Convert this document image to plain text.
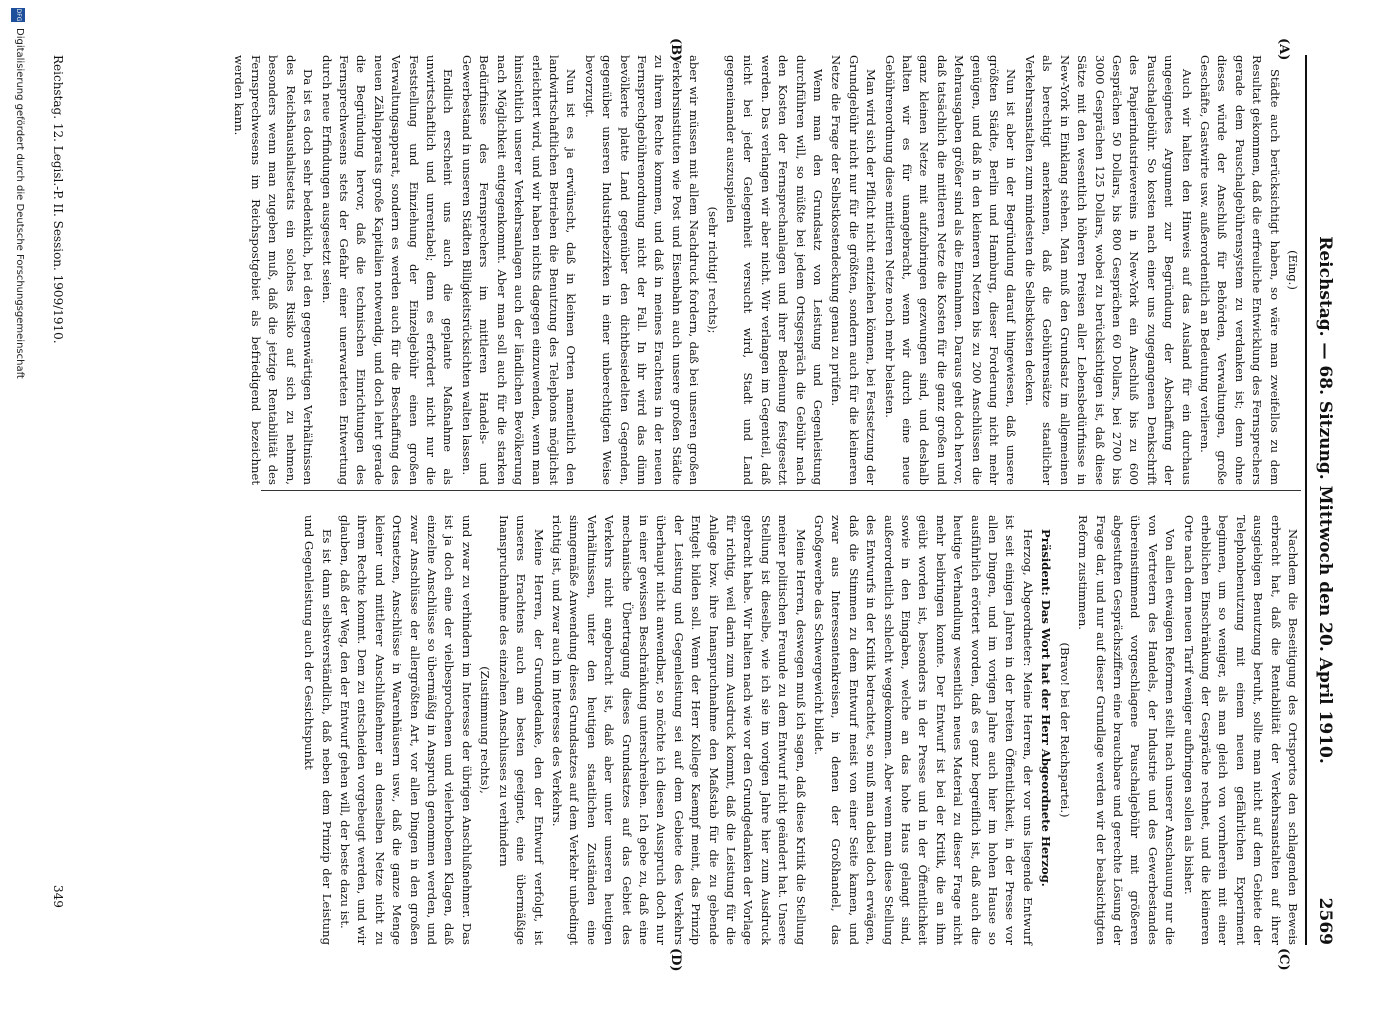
Reichstag. — 68. Sitzung. Mittwoch den 20. April 1910.
2569
(A)
(B)
(C)
(D)

(Eing.)

Städte auch berücksichtigt haben, so wäre man zweifellos zu dem Resultat gekommen, daß die erfreuliche Entwicklung des Fernsprechers gerade dem Pauschalgebührensystem zu verdanken ist; denn ohne dieses würde der Anschluß für Behörden, Verwaltungen, große Geschäfte, Gastwirte usw. außerordentlich an Bedeutung verlieren.

Auch wir halten den Hinweis auf das Ausland für ein durchaus ungeeignetes Argument zur Begründung der Abschaffung der Pauschalgebühr. So kosten nach einer uns zugegangenen Denkschrift des Papierindustrievereins in New-York ein Anschluß bis zu 600 Gesprächen 50 Dollars, bis 800 Gesprächen 60 Dollars, bei 2700 bis 3000 Gesprächen 125 Dollars, wobei zu berücksichtigen ist, daß diese Sätze mit den wesentlich höheren Preisen aller Lebensbedürfnisse in New-York in Einklang stehen. Man muß den Grundsatz im allgemeinen als berechtigt anerkennen, daß die Gebührensätze staatlicher Verkehrsanstalten zum mindesten die Selbstkosten decken.

Nun ist aber in der Begründung darauf hingewiesen, daß unsere größten Städte, Berlin und Hamburg, dieser Forderung nicht mehr genügen, und daß in den kleineren Netzen bis zu 200 Anschlüssen die Mehrausgaben größer sind als die Einnahmen. Daraus geht doch hervor, daß tatsächlich die mittleren Netze die Kosten für die ganz großen und ganz kleinen Netze mit aufzubringen gezwungen sind, und deshalb halten wir es für unangebracht, wenn wir durch eine neue Gebührenordnung diese mittleren Netze noch mehr belasten.

Man wird sich der Pflicht nicht entziehen können, bei Festsetzung der Grundgebühr nicht nur für die größten, sondern auch für die kleineren Netze die Frage der Selbstkostendeckung genau zu prüfen.

Wenn man den Grundsatz von Leistung und Gegenleistung durchführen will, so müßte bei jedem Ortsgespräch die Gebühr nach den Kosten der Fernsprechanlagen und ihrer Bedienung festgesetzt werden. Das verlangen wir aber nicht. Wir verlangen im Gegenteil, daß nicht bei jeder Gelegenheit versucht wird, Stadt und Land gegeneinander auszuspielen

(sehr richtig! rechts);

aber wir müssen mit allem Nachdruck fordern, daß bei unseren großen Verkehrsinstituten wie Post und Eisenbahn auch unsere großen Städte zu ihrem Rechte kommen, und daß in meines Erachtens in der neuen Fernsprechgebührenordnung nicht der Fall. In ihr wird das dünn bevölkerte platte Land gegenüber den dichtbesiedelten Gegenden, gegenüber unseren Industriebezirken in einer unberechtigten Weise bevorzugt.

Nun ist es ja erwünscht, daß in kleinen Orten namentlich den landwirtschaftlichen Betrieben die Benutzung des Telephons möglichst erleichtert wird, und wir haben nichts dagegen einzuwenden, wenn man hinsichtlich unserer Verkehrsanlagen auch der ländlichen Bevölkerung nach Möglichkeit entgegenkommt. Aber man soll auch für die starken Bedürfnisse des Fernsprechers im mittleren Handels- und Gewerbestand in unseren Städten Billigkeitsrücksichten walten lassen.

Endlich erscheint uns auch die geplante Maßnahme als unwirtschaftlich und unrentabel; denn es erfordert nicht nur die Feststellung und Einziehung der Einzelgebühr einen großen Verwaltungsapparat, sondern es werden auch für die Beschaffung des neuen Zählapparats große Kapitalien notwendig, und doch lehrt gerade die Begründung hervor, daß die technischen Einrichtungen des Fernsprechwesens stets der Gefahr einer unerwarteten Entwertung durch neue Erfindungen ausgesetzt seien.

Da ist es doch sehr bedenklich, bei den gegenwärtigen Verhältnissen des Reichshaushaltsetats ein solches Risiko auf sich zu nehmen, besonders wenn man zugeben muß, daß die jetzige Rentabilität des Fernsprechwesens im Reichspostgebiet als befriedigend bezeichnet werden kann.

Nachdem die Beseitigung des Ortsportos den schlagenden Beweis erbracht hat, daß die Rentabilität der Verkehrsanstalten auf ihrer ausgiebigen Benutzung beruht, sollte man nicht auf dem Gebiete der Telephonbenutzung mit einem neuen gefährlichen Experiment beginnen, um so weniger, als man gleich von vornherein mit einer erheblichen Einschränkung der Gespräche rechnet, und die kleineren Orte nach dem neuen Tarif weniger aufbringen sollen als bisher.

Von allen etwaigen Reformen stellt nach unserer Anschauung nur die von Vertretern des Handels, der Industrie und des Gewerbestandes übereinstimmend vorgeschlagene Pauschalgebühr mit größeren abgestuften Gesprächsziffern eine brauchbare und gerechte Lösung der Frage dar, und nur auf dieser Grundlage werden wir der beabsichtigten Reform zustimmen.

(Bravo! bei der Reichspartei.)

Präsident: Das Wort hat der Herr Abgeordnete Herzog.

Herzog, Abgeordneter: Meine Herren, der vor uns liegende Entwurf ist seit einigen Jahren in der breiten Öffentlichkeit, in der Presse vor allen Dingen, und im vorigen Jahre auch hier im hohen Hause so ausführlich erörtert worden, daß es ganz begreiflich ist, daß auch die heutige Verhandlung wesentlich neues Material zu dieser Frage nicht mehr beibringen konnte. Der Entwurf ist bei der Kritik, die an ihm geübt worden ist, besonders in der Presse und in der Öffentlichkeit sowie in den Eingaben, welche an das hohe Haus gelangt sind, außerordentlich schlecht weggekommen. Aber wenn man diese Stellung des Entwurfs in der Kritik betrachtet, so muß man dabei doch erwägen, daß die Stimmen zu dem Entwurf meist von einer Seite kamen, und zwar aus Interessentenkreisen, in denen der Großhandel, das Großgewerbe das Schwergewicht bildet.

Meine Herren, deswegen muß ich sagen, daß diese Kritik die Stellung meiner politischen Freunde zu dem Entwurf nicht geändert hat. Unsere Stellung ist dieselbe, wie ich sie im vorigen Jahre hier zum Ausdruck gebracht habe. Wir halten nach wie vor den Grundgedanken der Vorlage für richtig, weil darin zum Ausdruck kommt, daß die Leistung für die Anlage bzw. ihre Inanspruchnahme den Maßstab für die zu gebende Entgelt bilden soll. Wenn der Herr Kollege Kaempf meint, das Prinzip der Leistung und Gegenleistung sei auf dem Gebiete des Verkehrs überhaupt nicht anwendbar, so möchte ich diesen Ausspruch doch nur in einer gewissen Beschränkung unterschreiben. Ich gebe zu, daß eine mechanische Übertragung dieses Grundsatzes auf das Gebiet des Verkehrs nicht angebracht ist, daß aber unter unseren heutigen Verhältnissen, unter den heutigen staatlichen Zuständen eine sinngemäße Anwendung dieses Grundsatzes auf dem Verkehr unbedingt richtig ist, und zwar auch im Interesse des Verkehrs.

Meine Herren, der Grundgedanke, den der Entwurf verfolgt, ist unseres Erachtens auch am besten geeignet, eine übermäßige Inanspruchnahme des einzelnen Anschlusses zu verhindern

(Zustimmung rechts),

und zwar zu verhindern im Interesse der übrigen Anschlußnehmer. Das ist ja doch eine der vielbesprochenen und vielerhobenen Klagen, daß einzelne Anschlüsse so übermäßig in Anspruch genommen werden, und zwar Anschlüsse der allergrößten Art, vor allen Dingen in den großen Ortsnetzen, Anschlüsse in Warenhäusern usw., daß die ganze Menge kleiner und mittlerer Anschlußnehmer an denselben Netze nicht zu ihrem Rechte kommt. Dem zu entscheiden vorgebeugt werden, und wir glauben, daß der Weg, den der Entwurf gehen will, der beste dazu ist.

Es ist dann selbstverständlich, daß neben dem Prinzip der Leistung und Gegenleistung auch der Gesichtspunkt

Reichstag. 12. Legisl.-P. II. Session. 1909/1910.
349
DFG
Digitalisierung gefördert durch die Deutsche Forschungsgemeinschaft
